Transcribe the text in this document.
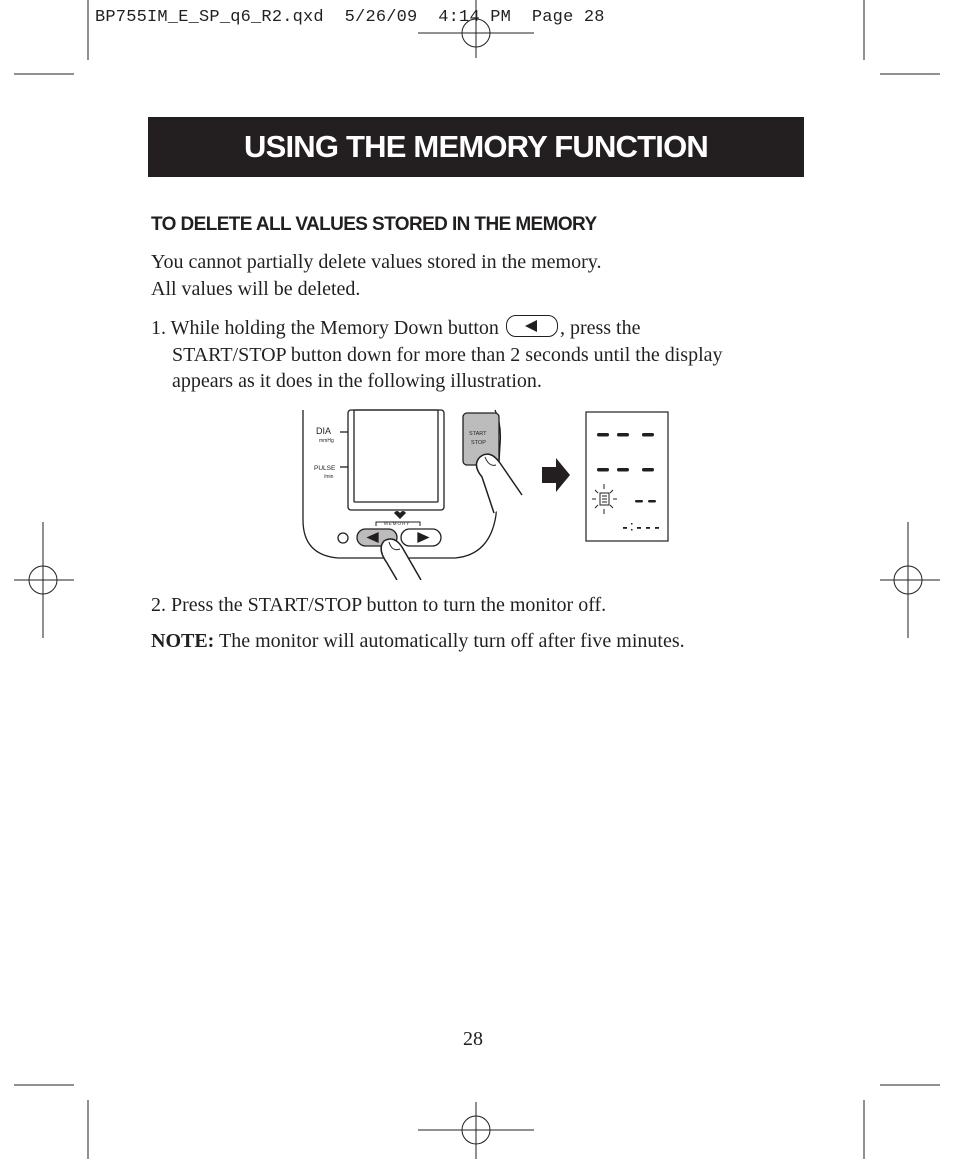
BP755IM_E_SP_q6_R2.qxd  5/26/09  4:14 PM  Page 28
USING THE MEMORY FUNCTION
TO DELETE ALL VALUES STORED IN THE MEMORY
You cannot partially delete values stored in the memory.
All values will be deleted.
1. While holding the Memory Down button	, press the
START/STOP button down for more than 2 seconds until the display
appears as it does in the following illustration.
DIA
mmHg
PULSE
/min
START
STOP
MEMORY
2. Press the START/STOP button to turn the monitor off.
NOTE: The monitor will automatically turn off after five minutes.
28
